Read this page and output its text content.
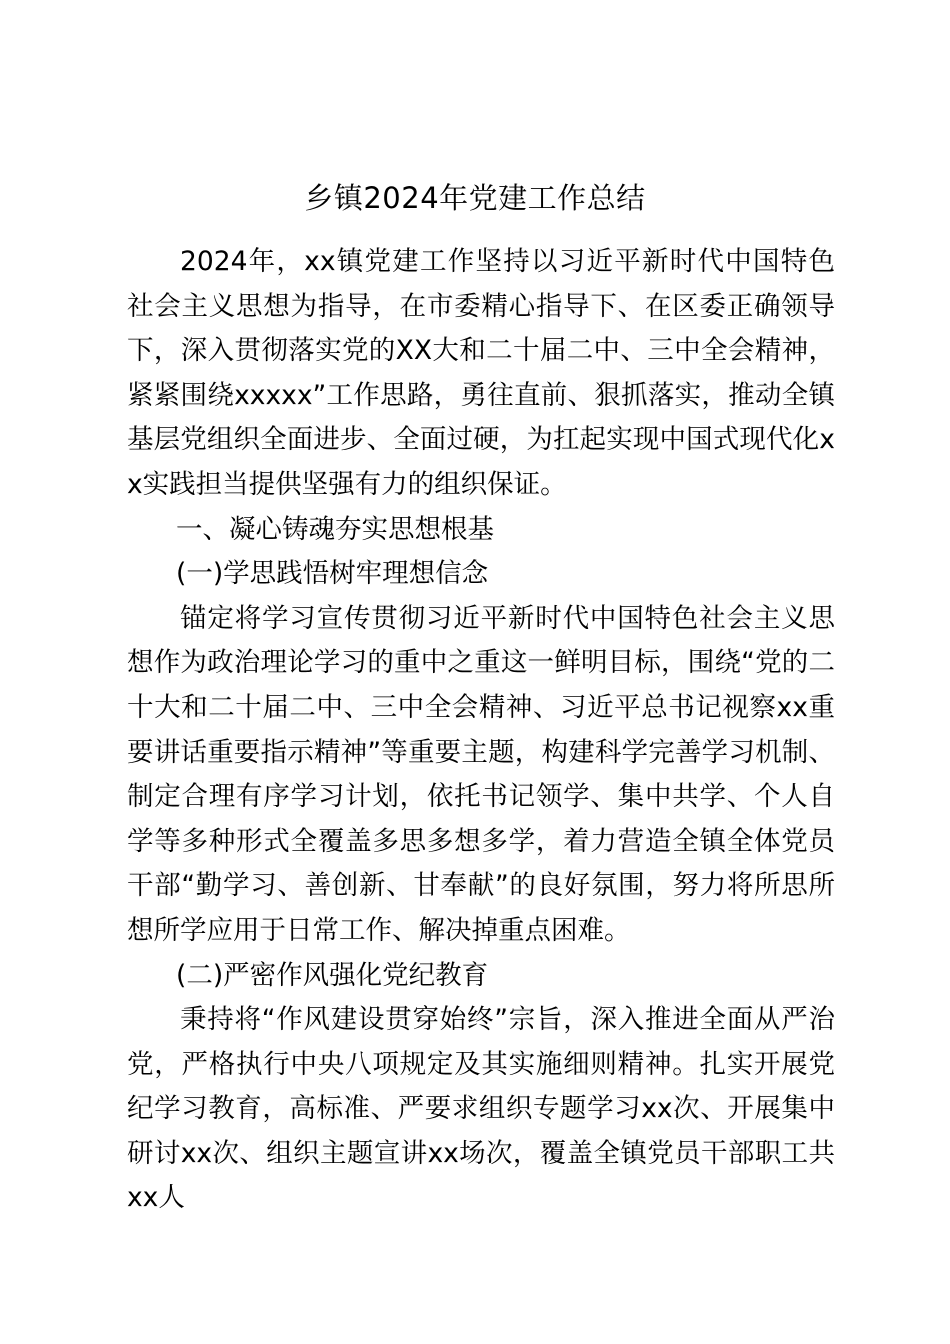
乡镇2024年党建工作总结

2024年，xx镇党建工作坚持以习近平新时代中国特色社会主义思想为指导，在市委精心指导下、在区委正确领导下，深入贯彻落实党的XX大和二十届二中、三中全会精神，紧紧围绕xxxxx”工作思路，勇往直前、狠抓落实，推动全镇基层党组织全面进步、全面过硬，为扛起实现中国式现代化xx实践担当提供坚强有力的组织保证。

一、凝心铸魂夯实思想根基

(一)学思践悟树牢理想信念

锚定将学习宣传贯彻习近平新时代中国特色社会主义思想作为政治理论学习的重中之重这一鲜明目标，围绕“党的二十大和二十届二中、三中全会精神、习近平总书记视察xx重要讲话重要指示精神”等重要主题，构建科学完善学习机制、制定合理有序学习计划，依托书记领学、集中共学、个人自学等多种形式全覆盖多思多想多学，着力营造全镇全体党员干部“勤学习、善创新、甘奉献”的良好氛围，努力将所思所想所学应用于日常工作、解决掉重点困难。

(二)严密作风强化党纪教育

秉持将“作风建设贯穿始终”宗旨，深入推进全面从严治党，严格执行中央八项规定及其实施细则精神。扎实开展党纪学习教育，高标准、严要求组织专题学习xx次、开展集中研讨xx次、组织主题宣讲xx场次，覆盖全镇党员干部职工共xx人
